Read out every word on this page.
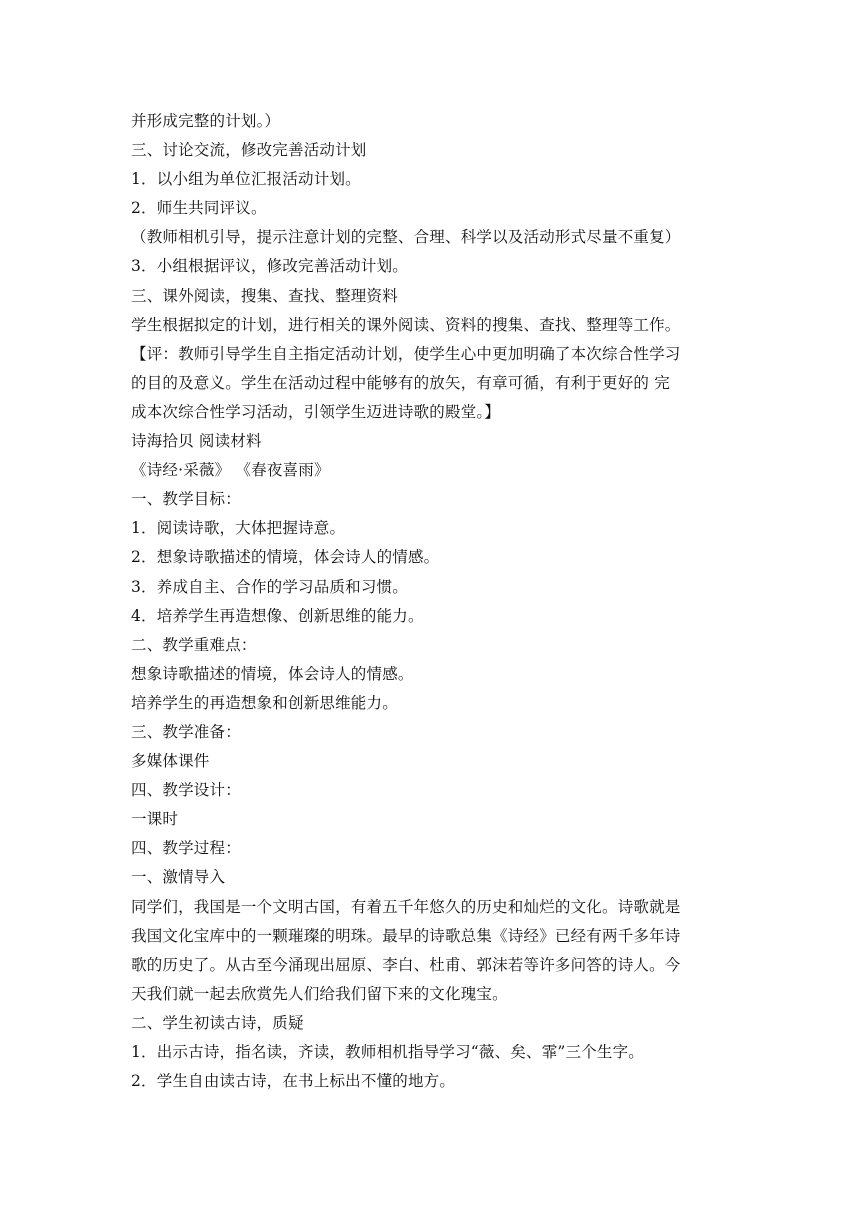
并形成完整的计划。）
三、讨论交流，修改完善活动计划
1．以小组为单位汇报活动计划。
2．师生共同评议。
（教师相机引导，提示注意计划的完整、合理、科学以及活动形式尽量不重复）
3．小组根据评议，修改完善活动计划。
三、课外阅读，搜集、查找、整理资料
学生根据拟定的计划，进行相关的课外阅读、资料的搜集、查找、整理等工作。
【评：教师引导学生自主指定活动计划，使学生心中更加明确了本次综合性学习
的目的及意义。学生在活动过程中能够有的放矢，有章可循，有利于更好的 完
成本次综合性学习活动，引领学生迈进诗歌的殿堂。】
诗海拾贝 阅读材料
《诗经·采薇》 《春夜喜雨》
一、教学目标：
1．阅读诗歌，大体把握诗意。
2．想象诗歌描述的情境，体会诗人的情感。
3．养成自主、合作的学习品质和习惯。
4．培养学生再造想像、创新思维的能力。
二、教学重难点：
想象诗歌描述的情境，体会诗人的情感。
培养学生的再造想象和创新思维能力。
三、教学准备：
多媒体课件
四、教学设计：
一课时
四、教学过程：
一、激情导入
同学们，我国是一个文明古国，有着五千年悠久的历史和灿烂的文化。诗歌就是
我国文化宝库中的一颗璀璨的明珠。最早的诗歌总集《诗经》已经有两千多年诗
歌的历史了。从古至今涌现出屈原、李白、杜甫、郭沫若等许多问答的诗人。今
天我们就一起去欣赏先人们给我们留下来的文化瑰宝。
二、学生初读古诗，质疑
1．出示古诗，指名读，齐读，教师相机指导学习“薇、矣、霏”三个生字。
2．学生自由读古诗，在书上标出不懂的地方。
